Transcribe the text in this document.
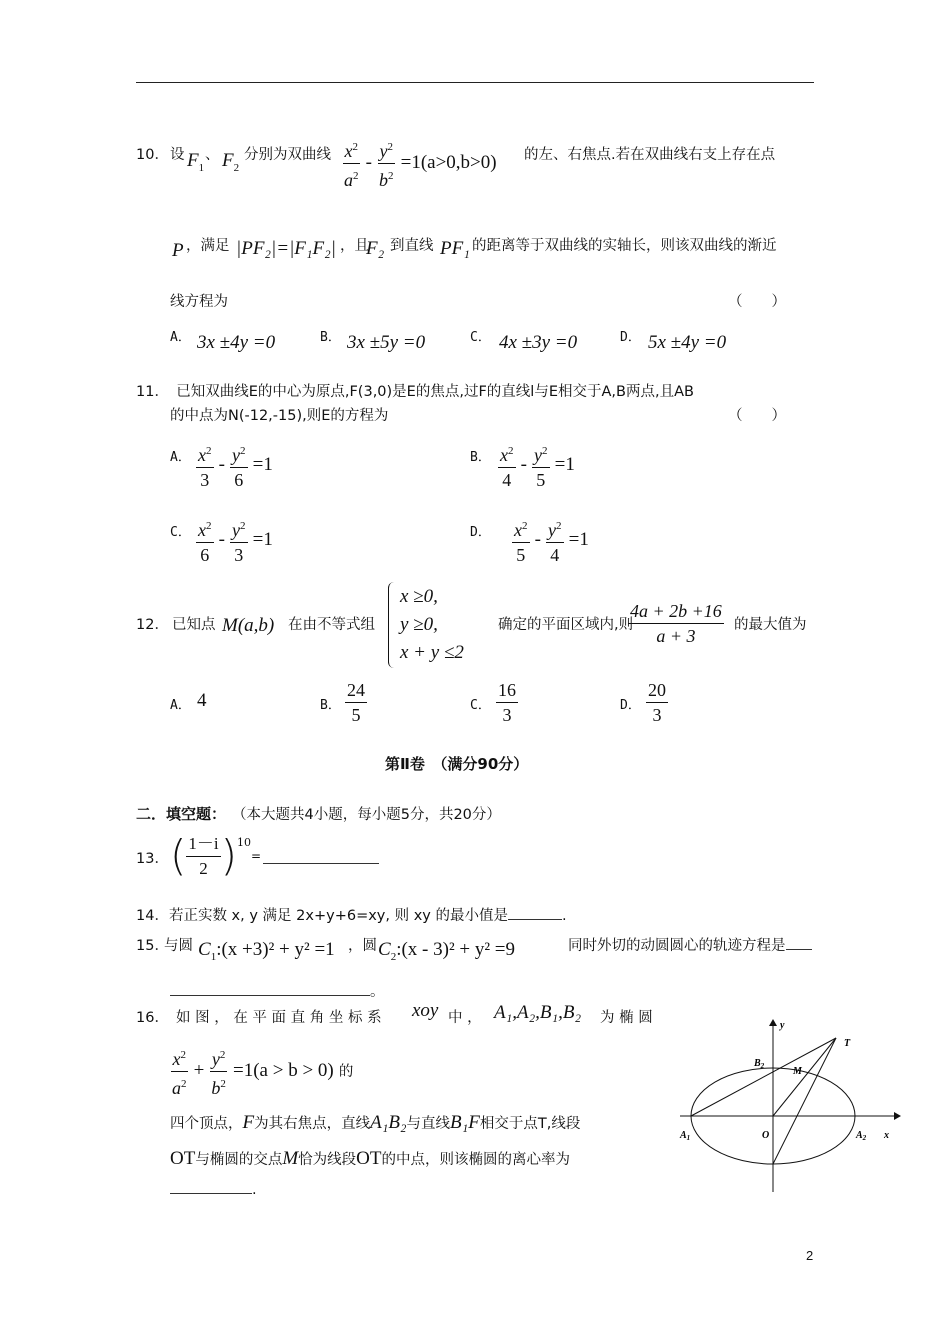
10． 设 $F_1$
、 $F_2$
分别为双曲线 $\frac{x^2}{a^2} - \frac{y^2}{b^2} =1(a>0,b>0)$ 的左、右焦点.若在双曲线右支上存在点
P ，满足 |PF₂|=|F₁F₂| ，且
F₂ 到直线 PF₁ 的距离等于双曲线的实轴长，则该双曲线的渐近
线方程为	（　　）
A． 3x ±4y =0	B． 3x ±5y =0	C． 4x ±3y =0	D． 5x ±4y =0
11．　已知双曲线E的中心为原点,F(3,0)是E的焦点,过F的直线l与E相交于A,B两点,且AB
的中点为N(-12,-15),则E的方程为	（　　）
A． $\frac{x^2}{3} - \frac{y^2}{6} =1$	B． $\frac{x^2}{4} - \frac{y^2}{5} =1$
C． $\frac{x^2}{6} - \frac{y^2}{3} =1$	D． $\frac{x^2}{5} - \frac{y^2}{4} =1$
12． 已知点 M(a,b) 在由不等式组
x ≥0,
y ≥0,
x + y ≤2
确定的平面区域内,则
$\frac{4a + 2b +16}{a + 3}$ 的最大值为
A． 4	B． $\frac{24}{5}$	C． $\frac{16}{3}$	D． $\frac{20}{3}$
第Ⅱ卷　（满分90分）
二．填空题： （本大题共4小题，每小题5分，共20分）
13． ( $\frac{1-i}{2}$ ) 10
=
14．若正实数 x, y 满足 2x+y+6=xy, 则 xy 的最小值是	.
15．
与圆 $C_1:(x +3)^2 + y^2 =1$ ，圆 $C_2:(x - 3)^2 + y^2 =9$	同时外切的动圆圆心的轨迹方程是
。
16． 如 图 ， 在 平 面 直 角 坐 标 系 xoy 中 ， A₁,A₂,B₁,B₂ 为 椭 圆
$\frac{x^2}{a^2} + \frac{y^2}{b^2} =1(a > b > 0)$ 的
四个顶点，F为其右焦点，直线A₁B₂与直线B₁F相交于点T,线段
OT与椭圆的交点M恰为线段OT的中点，则该椭圆的离心率为
.
y
T
$B_2$	M
$A_1$	O	$A_2$ x
2
